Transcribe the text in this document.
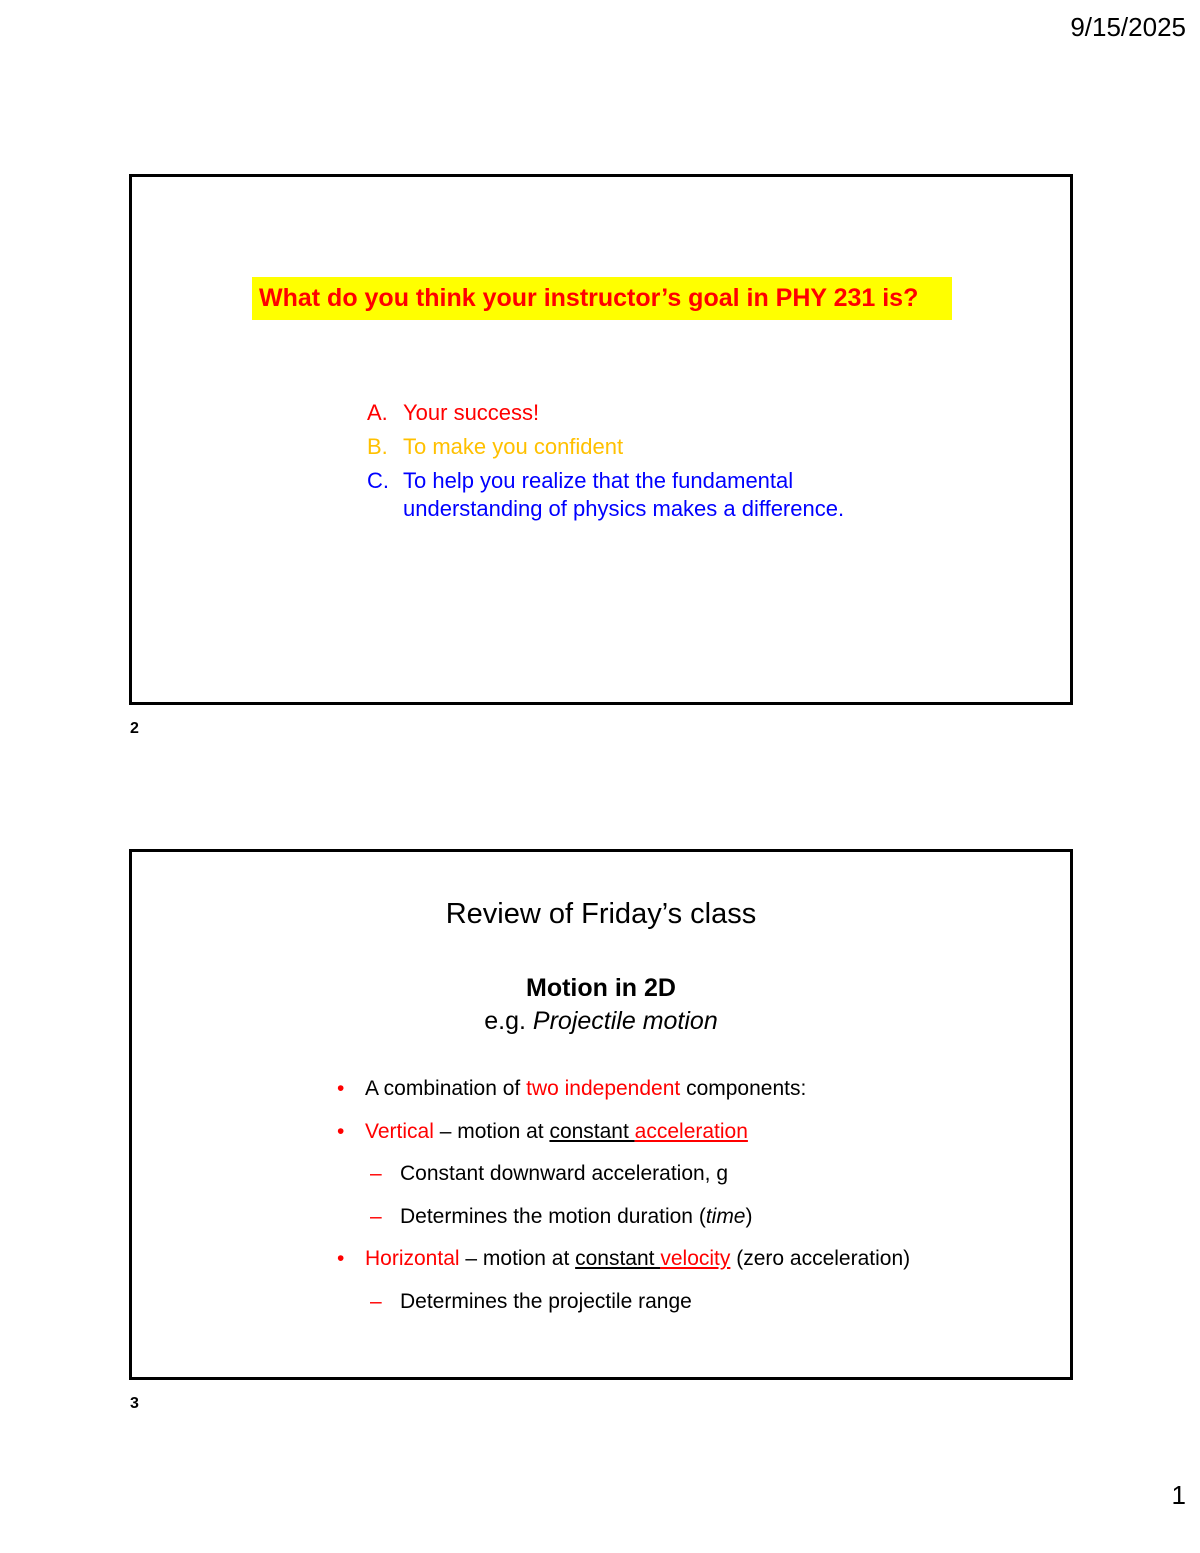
9/15/2025
What do you think your instructor’s goal in PHY 231 is?
A. Your success!
B. To make you confident
C. To help you realize that the fundamental understanding of physics makes a difference.
2
Review of Friday’s class
Motion in 2D
e.g. Projectile motion
• A combination of two independent components:
• Vertical – motion at constant acceleration
– Constant downward acceleration, g
– Determines the motion duration (time)
• Horizontal – motion at constant velocity (zero acceleration)
– Determines the projectile range
3
1
